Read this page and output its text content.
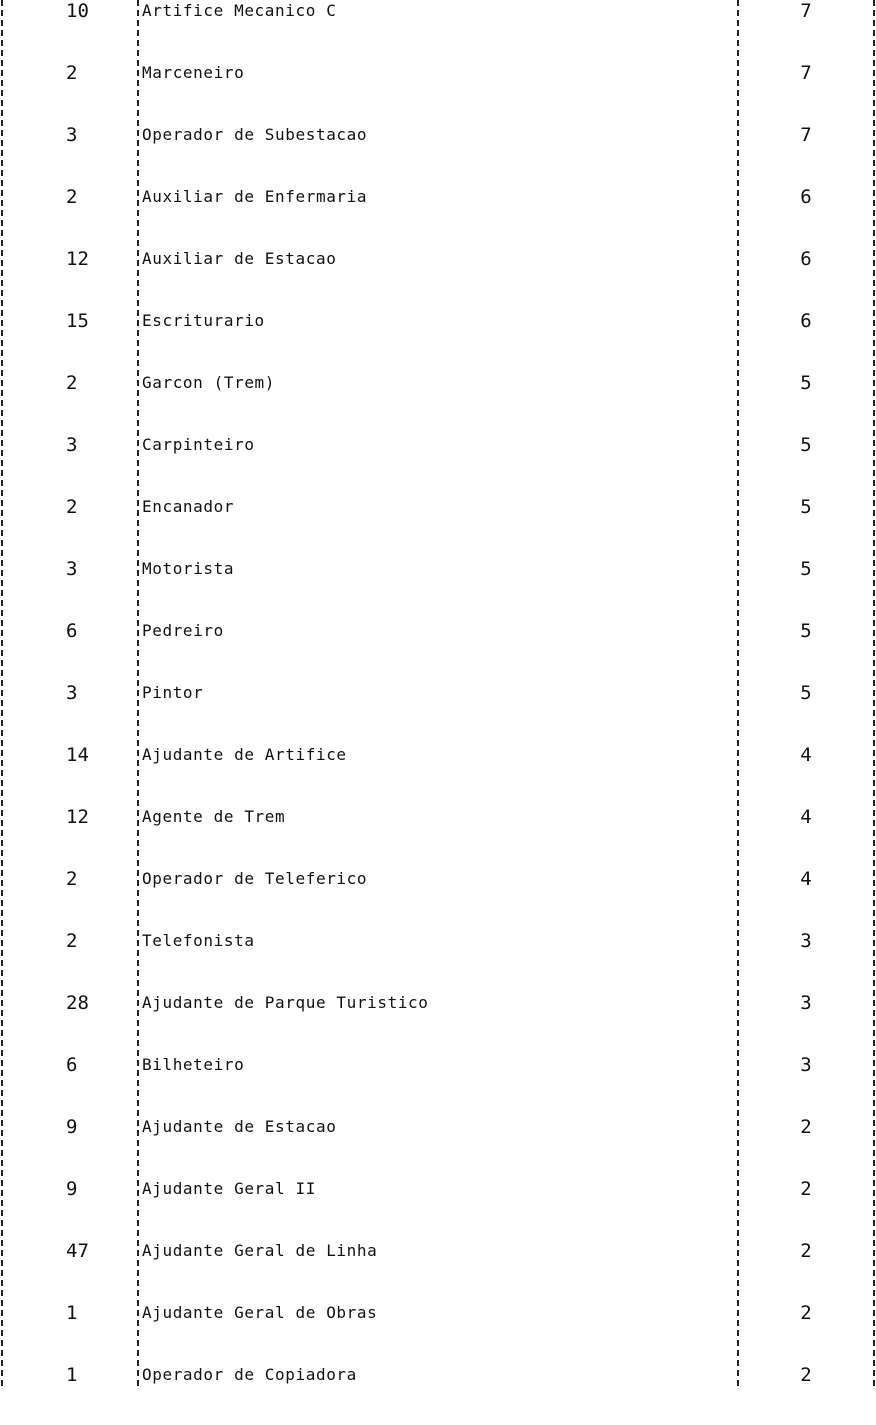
10	Artifice Mecanico C	7
2	Marceneiro	7
3	Operador de Subestacao	7
2	Auxiliar de Enfermaria	6
12	Auxiliar de Estacao	6
15	Escriturario	6
2	Garcon (Trem)	5
3	Carpinteiro	5
2	Encanador	5
3	Motorista	5
6	Pedreiro	5
3	Pintor	5
14	Ajudante de Artifice	4
12	Agente de Trem	4
2	Operador de Teleferico	4
2	Telefonista	3
28	Ajudante de Parque Turistico	3
6	Bilheteiro	3
9	Ajudante de Estacao	2
9	Ajudante Geral II	2
47	Ajudante Geral de Linha	2
1	Ajudante Geral de Obras	2
1	Operador de Copiadora	2
